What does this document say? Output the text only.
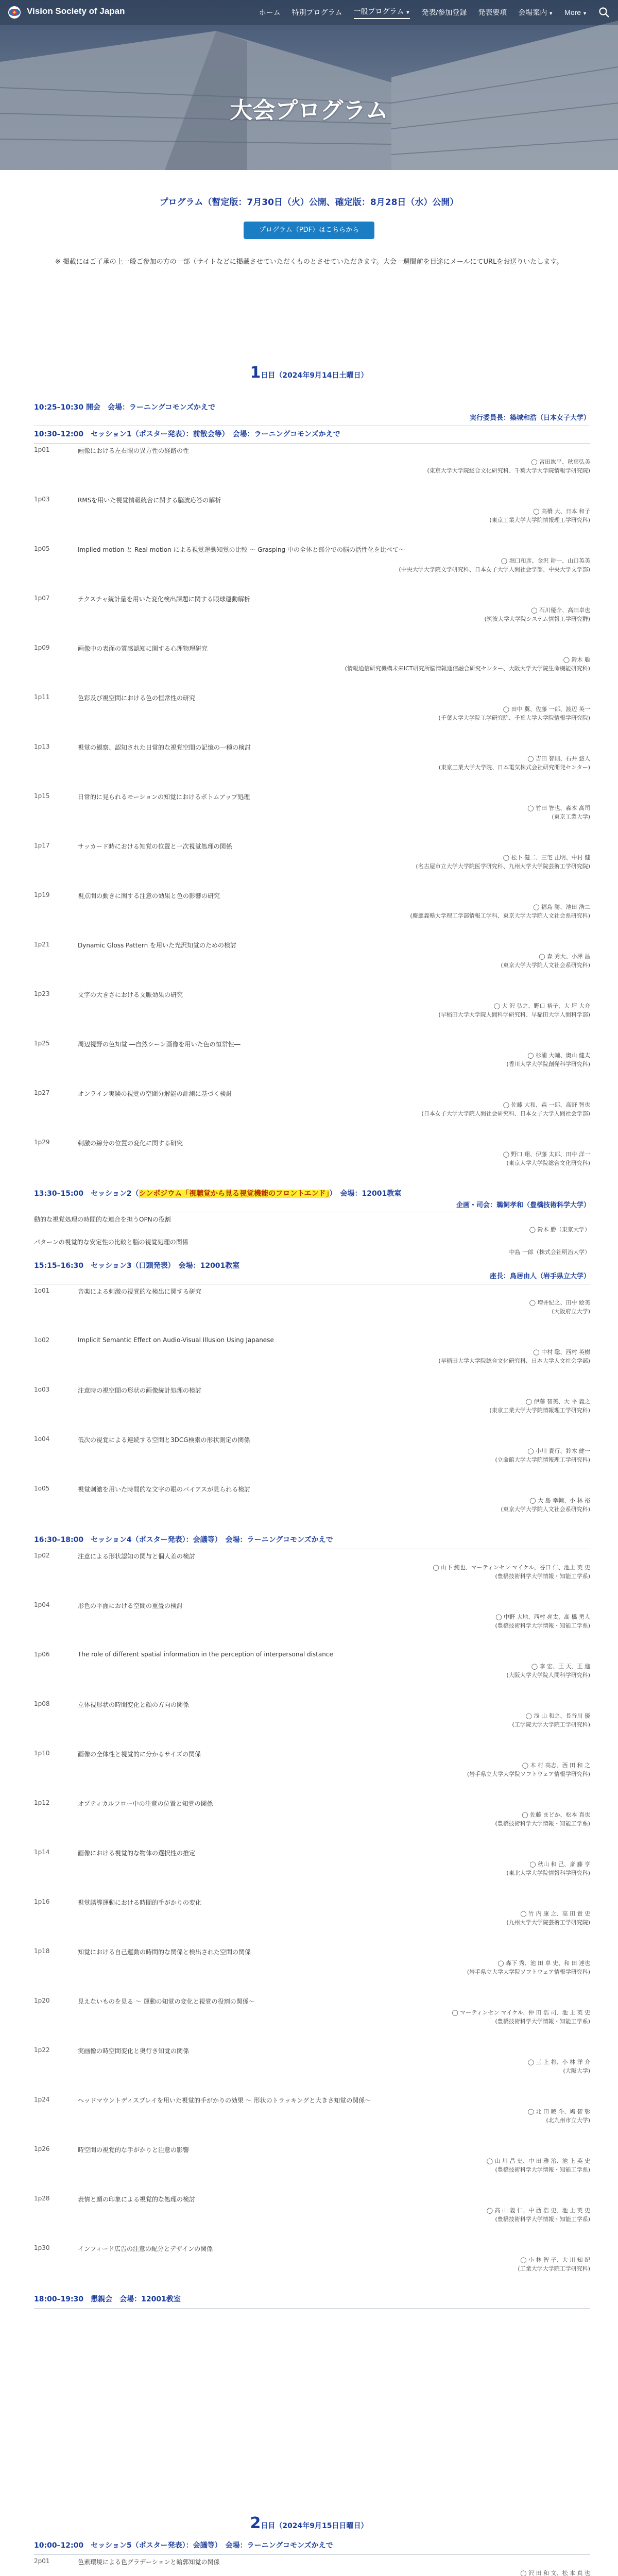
大会プログラム
Vision Society of Japan	ホーム 特別プログラム 一般プログラム ▼ 発表/参加登録 発表要項 会場案内 ▼ More ▼
プログラム（暫定版：7月30日（火）公開、確定版：8月28日（水）公開）
プログラム（PDF）はこちらから
※ 掲載にはご了承の上一般ご参加の方の一部（サイトなどに掲載させていただくものとさせていただきます。大会一週間前を目途にメールにてURLをお送りいたします。
1日目（2024年9月14日土曜日）
10:25–10:30 開会　会場：ラーニングコモンズかえで
実行委員長：築城和浩（日本女子大学）
10:30–12:00　セッション1（ポスター発表）：前散会等）　会場：ラーニングコモンズかえで
1p01	画像における左右眼の異方性の経路の性
◯ 宮田紘平、秋葉弘美
(東京大学大学院総合文化研究科、千葉大学大学院情報学研究院)
1p03	RMSを用いた視覚情報統合に関する脳波応答の解析
◯ 高橋 大、日本 和子
(東京工業大学大学院情報理工学研究科)
1p05	Implied motion と Real motion による視覚運動知覚の比較 ～ Grasping 中の全体と部分での脳の活性化を比べて～
◯ 堀口和彦、金沢 耕一、山口英美
(中央大学大学院文学研究科、日本女子大学人間社会学部、中央大学文学部)
1p07	テクスチャ統計量を用いた変化検出課題に関する眼球運動解析
◯ 石川優介、高田卓也
(筑波大学大学院システム情報工学研究群)
1p09	画像中の表面の質感認知に関する心理物理研究
◯ 鈴木 聡
(情報通信研究機構未来ICT研究所脳情報通信融合研究センター、大阪大学大学院生命機能研究科)
1p11	色彩及び視空間における色の恒常性の研究
◯ 田中 翼、佐藤 一郎、渡辺 英一
(千葉大学大学院工学研究院、千葉大学大学院情報学研究院)
1p13	視覚の観察、認知された日常的な視覚空間の記憶の一種の検討
◯ 吉田 智則、石井 悠人
(東京工業大学大学院、日本電気株式会社研究開発センター)
1p15	日常的に見られるモーションの知覚におけるボトムアップ処理
◯ 竹田 智也、森本 高司
(東京工業大学)
1p17	サッカード時における知覚の位置と一次視覚処理の関係
◯ 松下 健二、三宅 正明、中村 健
(名古屋市立大学大学院医学研究科、九州大学大学院芸術工学研究院)
1p19	視点間の動きに関する注意の効果と色の影響の研究
◯ 福島 勝、池田 浩二
(慶應義塾大学理工学部情報工学科、東京大学大学院人文社会系研究科)
1p21	Dynamic Gloss Pattern を用いた光沢知覚のための検討
◯ 森 秀大、小澤 昌
(東京大学大学院人文社会系研究科)
1p23	文字の大きさにおける文脈効果の研究
◯ 大 沢 弘之、野口 裕子、大 坪 大介
(早稲田大学大学院人間科学研究科、早稲田大学人間科学部)
1p25	周辺視野の色知覚 ―自然シーン画像を用いた色の恒常性―
◯ 杉浦 大輔、奥山 健太
(香川大学大学院創発科学研究科)
1p27	オンライン実験の視覚の空間分解能の計測に基づく検討
◯ 佐藤 大和、森 一郎、高野 智也
(日本女子大学大学院人間社会研究科、日本女子大学人間社会学部)
1p29	刺激の線分の位置の変化に関する研究
◯ 野口 翔、伊藤 太郎、田中 洋一
(東京大学大学院総合文化研究科)
13:30–15:00　セッション2（シンポジウム「視聴覚から見る視覚機能のフロントエンド」）　会場：12001教室
企画・司会：鵜飼孝和（豊橋技術科学大学）
動的な視覚処理の時間的な連合を担うOPNの役割
◯ 鈴木 勝（東京大学）
パターンの視覚的な安定性の比較と脳の視覚処理の関係
中島 一郎（株式会社明治大学）
15:15–16:30　セッション3（口頭発表）　会場：12001教室
座長：鳥居由人（岩手県立大学）
1o01	音楽による刺激の視覚的な検出に関する研究
◯ 増井紀之、田中 絵美
(大阪府立大学)
1o02	Implicit Semantic Effect on Audio-Visual Illusion Using Japanese
◯ 中村 聡、西村 英樹
(早稲田大学大学院総合文化研究科、日本大学人文社会学部)
1o03	注意時の視空間の形状の画像統計処理の検討
◯ 伊藤 智美、大 平 義之
(東京工業大学大学院情報理工学研究科)
1o04	低次の視覚による連続する空間と3DCG検索の形状測定の関係
◯ 小川 貴行、鈴木 健一
(立命館大学大学院情報理工学研究科)
1o05	視覚刺激を用いた時間的な文字の眼のバイアスが見られる検討
◯ 大 島 幸輔、小 林 裕
(東京大学大学院人文社会系研究科)
16:30–18:00　セッション4（ポスター発表）：会議等）　会場：ラーニングコモンズかえで
1p02	注意による形状認知の関与と個人差の検討
◯ 山下 純也、マーティンセン マイケル、谷口 仁、池上 英 史
(豊橋技術科学大学情報・知能工学系)
1p04	形色の平面における空間の重畳の検討
◯ 中野 大地、西村 亮太、高 橋 勇人
(豊橋技術科学大学情報・知能工学系)
1p06	The role of different spatial information in the perception of interpersonal distance
◯ 李 宏、王 天、王 進
(大阪大学大学院人間科学研究科)
1p08	立体視形状の時間変化と顔の方向の関係
◯ 浅 山 和之、長谷川 優
(工学院大学大学院工学研究科)
1p10	画像の全体性と視覚的に分かるサイズの関係
◯ 木 村 高志、西 田 和 之
(岩手県立大学大学院ソフトウェア情報学研究科)
1p12	オプティカルフロー中の注意の位置と知覚の関係
◯ 佐藤 まどか、松本 真也
(豊橋技術科学大学情報・知能工学系)
1p14	画像における視覚的な物体の選択性の推定
◯ 秋山 和 己、斎 藤 亨
(東北大学大学院情報科学研究科)
1p16	視覚誘導運動における時間的手がかりの変化
◯ 竹 内 康 之、高 田 貴 史
(九州大学大学院芸術工学研究院)
1p18	知覚における自己運動の時間的な関係と検出された空間の関係
◯ 森下 秀、池 田 卓 史、和 田 達也
(岩手県立大学大学院ソフトウェア情報学研究科)
1p20	見えないものを見る ～ 運動の知覚の変化と視覚の役割の関係～
◯ マーティンセン マイケル、仲 田 浩 司、池 上 英 史
(豊橋技術科学大学情報・知能工学系)
1p22	実画像の時空間変化と奥行き知覚の関係
◯ 三 上 将、小 林 洋 介
(大阪大学)
1p24	ヘッドマウントディスプレイを用いた視覚的手がかりの効果 ～ 形状のトラッキングと大きさ知覚の関係～
◯ 北 田 暁 斗、鳩 智 彰
(北九州市立大学)
1p26	時空間の視覚的な手がかりと注意の影響
◯ 山 川 昌 史、中 田 雅 治、池 上 英 史
(豊橋技術科学大学情報・知能工学系)
1p28	表情と顔の印象による視覚的な処理の検討
◯ 高 山 義 仁、中 西 浩 史、池 上 英 史
(豊橋技術科学大学情報・知能工学系)
1p30	インフィード広告の注意の配分とデザインの関係
◯ 小 林 智 子、大 川 知 紀
(工業大学大学院工学研究科)
18:00–19:30　懇親会　会場：12001教室
2日目（2024年9月15日日曜日）
10:00–12:00　セッション5（ポスター発表）：会議等）　会場：ラーニングコモンズかえで
2p01	色素環境による色グラデーションと輪郭知覚の関係
◯ 沢 田 和 文、松 本 真 也
